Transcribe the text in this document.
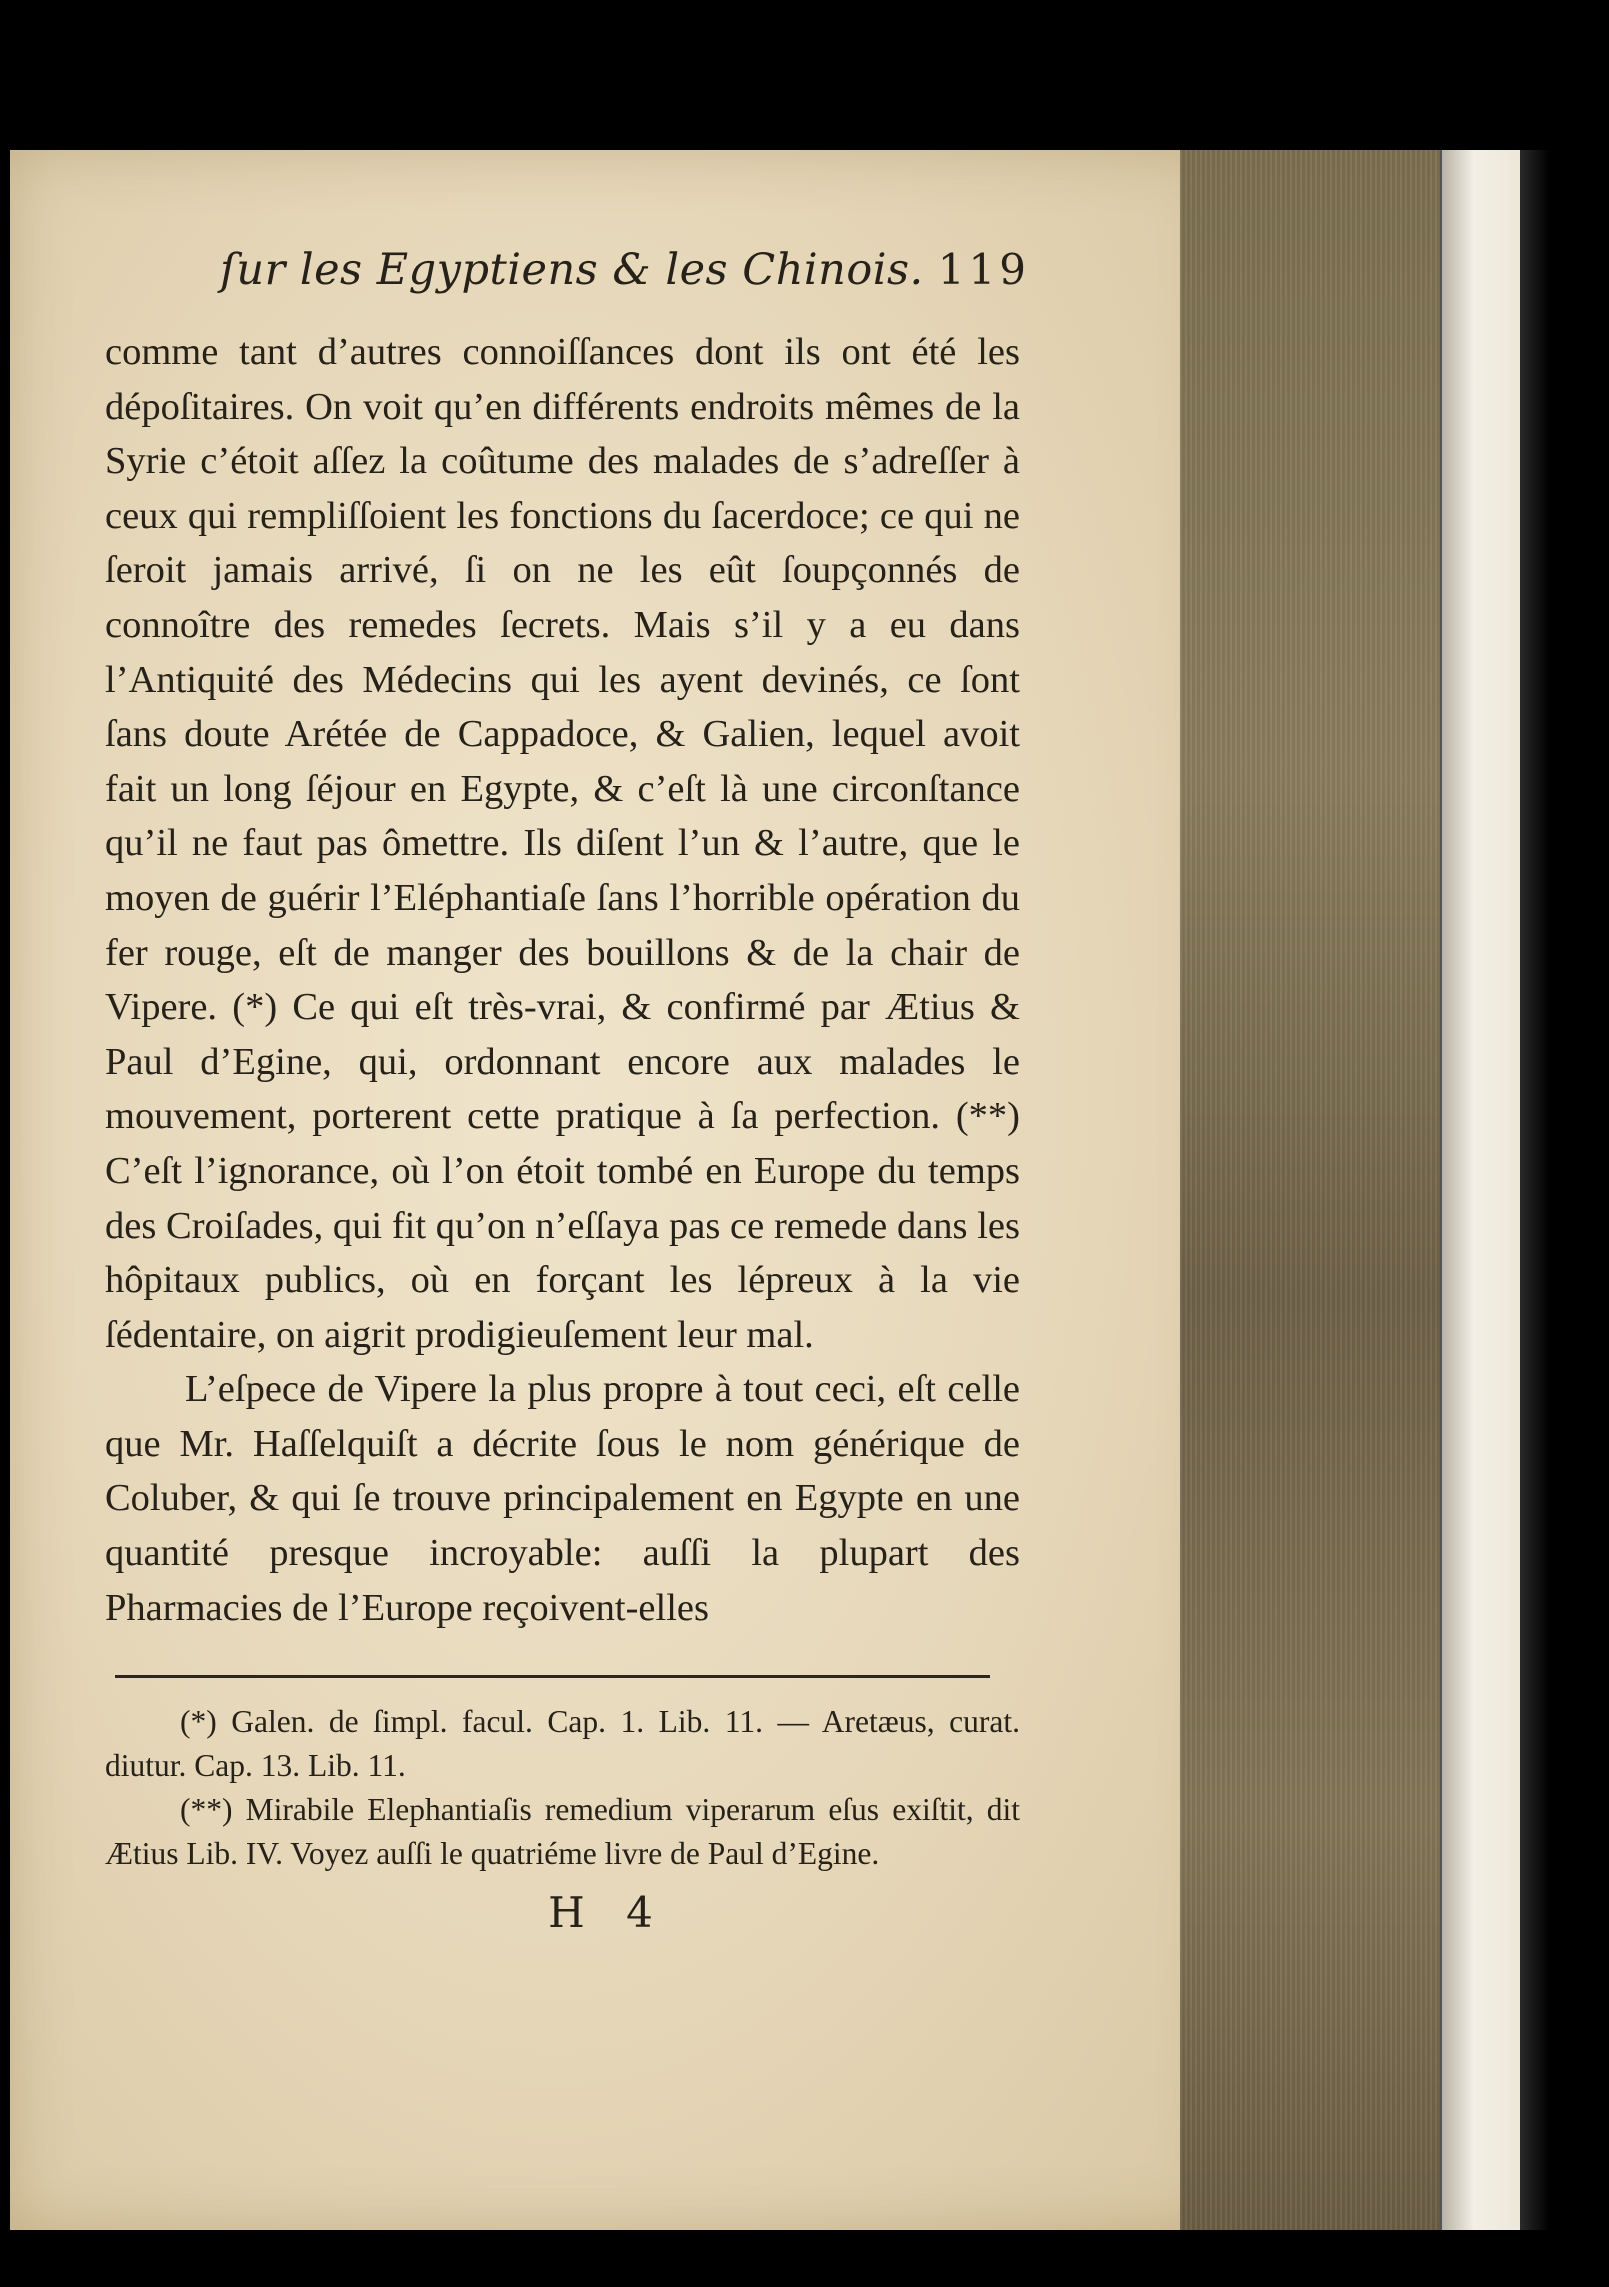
ſur les Egyptiens & les Chinois. 119

comme tant d’autres connoiſſances dont ils ont été les dépoſitaires. On voit qu’en différents endroits mêmes de la Syrie c’étoit aſſez la coûtume des malades de s’adreſſer à ceux qui rempliſſoient les fonctions du ſacerdoce; ce qui ne ſeroit jamais arrivé, ſi on ne les eût ſoupçonnés de connoître des remedes ſecrets. Mais s’il y a eu dans l’Antiquité des Médecins qui les ayent devinés, ce ſont ſans doute Arétée de Cappadoce, & Galien, lequel avoit fait un long ſéjour en Egypte, & c’eſt là une circonſtance qu’il ne faut pas ômettre. Ils diſent l’un & l’autre, que le moyen de guérir l’Eléphantiaſe ſans l’horrible opération du fer rouge, eſt de manger des bouillons & de la chair de Vipere. (*) Ce qui eſt très-vrai, & confirmé par Ætius & Paul d’Egine, qui, ordonnant encore aux malades le mouvement, porterent cette pratique à ſa perfection. (**) C’eſt l’ignorance, où l’on étoit tombé en Europe du temps des Croiſades, qui fit qu’on n’eſſaya pas ce remede dans les hôpitaux publics, où en forçant les lépreux à la vie ſédentaire, on aigrit prodigieuſement leur mal.

L’eſpece de Vipere la plus propre à tout ceci, eſt celle que Mr. Haſſelquiſt a décrite ſous le nom générique de Coluber, & qui ſe trouve principalement en Egypte en une quantité presque incroyable: auſſi la plupart des Pharmacies de l’Europe reçoivent-elles

(*) Galen. de ſimpl. facul. Cap. 1. Lib. 11. — Aretæus, curat. diutur. Cap. 13. Lib. 11.

(**) Mirabile Elephantiaſis remedium viperarum eſus exiſtit, dit Ætius Lib. IV. Voyez auſſi le quatriéme livre de Paul d’Egine.

H 4
